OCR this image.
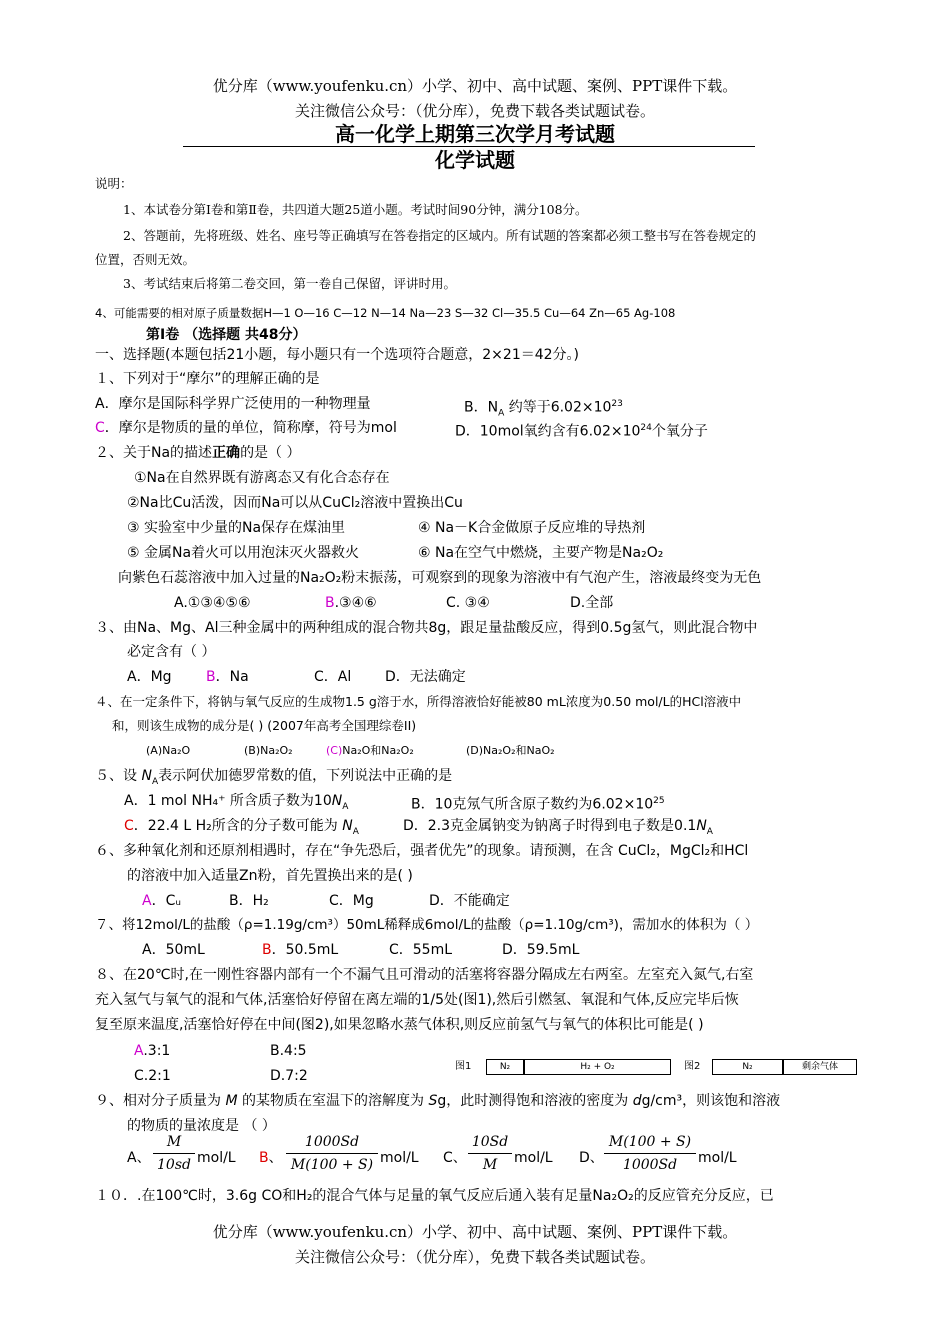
优分库（www.youfenku.cn）小学、初中、高中试题、案例、PPT课件下载。
关注微信公众号：（优分库），免费下载各类试题试卷。
高一化学上期第三次学月考试题
化学试题
说明：
1、本试卷分第Ⅰ卷和第Ⅱ卷，共四道大题25道小题。考试时间90分钟，满分108分。
2、答题前，先将班级、姓名、座号等正确填写在答卷指定的区域内。所有试题的答案都必须工整书写在答卷规定的
位置，否则无效。
3、考试结束后将第二卷交回，第一卷自己保留，评讲时用。
4、可能需要的相对原子质量数据H—1 O—16 C—12 N—14 Na—23 S—32 Cl—35.5 Cu—64 Zn—65 Ag-108
第Ⅰ卷 （选择题 共48分）
一、选择题(本题包括21小题，每小题只有一个选项符合题意，2×21＝42分。)
１、下列对于“摩尔”的理解正确的是
A．摩尔是国际科学界广泛使用的一种物理量	B．$N_A$ 约等于$6.02\times 10^{23}$
C．摩尔是物质的量的单位，简称摩，符号为mol	D．10mol氧约含有$6.02\times 10^{24}$个氧分子
２、关于Na的描述正确的是（ ）
①Na在自然界既有游离态又有化合态存在
②Na比Cu活泼，因而Na可以从CuCl₂溶液中置换出Cu
③ 实验室中少量的Na保存在煤油里	④ Na－K合金做原子反应堆的导热剂
⑤ 金属Na着火可以用泡沫灭火器救火	⑥ Na在空气中燃烧，主要产物是Na₂O₂
向紫色石蕊溶液中加入过量的Na₂O₂粉末振荡，可观察到的现象为溶液中有气泡产生，溶液最终变为无色
A.①③④⑤⑥	B.③④⑥	C. ③④	D.全部
３、由Na、Mg、Al三种金属中的两种组成的混合物共8g，跟足量盐酸反应，得到0.5g氢气，则此混合物中
必定含有（ ）
A．Mg B．Na	C．Al D．无法确定
４、在一定条件下，将钠与氧气反应的生成物1.5 g溶于水，所得溶液恰好能被80 mL浓度为0.50 mol/L的HCl溶液中
和，则该生成物的成分是( ) (2007年高考全国理综卷II)
(A)Na₂O	(B)Na₂O₂	(C)Na₂O和Na₂O₂	(D)Na₂O₂和NaO₂
５、设 $N_A$表示阿伏加德罗常数的值，下列说法中正确的是
A．1 mol NH₄⁺ 所含质子数为$10N_A$	B．10克氖气所含原子数约为$6.02\times 10^{25}$
C．22.4 L H₂所含的分子数可能为 $N_A$	D．2.3克金属钠变为钠离子时得到电子数是$0.1N_A$
６、多种氧化剂和还原剂相遇时，存在“争先恐后，强者优先”的现象。请预测，在含 CuCl₂，MgCl₂和HCl
的溶液中加入适量Zn粉，首先置换出来的是( )
A．Cᵤ	B．H₂	C．Mg	D．不能确定
７、将12mol/L的盐酸（ρ=1.19g/cm³）50mL稀释成6mol/L的盐酸（ρ=1.10g/cm³)，需加水的体积为（ ）
A．50mL	B．50.5mL	C．55mL	D．59.5mL
８、在20℃时,在一刚性容器内部有一个不漏气且可滑动的活塞将容器分隔成左右两室。左室充入氮气,右室
充入氢气与氧气的混和气体,活塞恰好停留在离左端的1/5处(图1),然后引燃氢、氧混和气体,反应完毕后恢
复至原来温度,活塞恰好停在中间(图2),如果忽略水蒸气体积,则反应前氢气与氧气的体积比可能是( )
A.3:1	B.4:5
C.2:1	D.7:2
图1	N₂	H₂ + O₂	图2	N₂	剩余气体
９、相对分子质量为 M 的某物质在室温下的溶解度为 Sg，此时测得饱和溶液的密度为 dg/cm³，则该饱和溶液
的物质的量浓度是 （ ）
A、 $\frac{M}{10sd} mol/L$ B、 $\frac{1000Sd}{M(100 + S)} mol/L$ C、 $\frac{10Sd}{M} mol/L$ D、 $\frac{M(100 + S)}{1000Sd} mol/L$
１０．.在100℃时，3.6g CO和H₂的混合气体与足量的氧气反应后通入装有足量Na₂O₂的反应管充分反应，已
优分库（www.youfenku.cn）小学、初中、高中试题、案例、PPT课件下载。
关注微信公众号：（优分库），免费下载各类试题试卷。
